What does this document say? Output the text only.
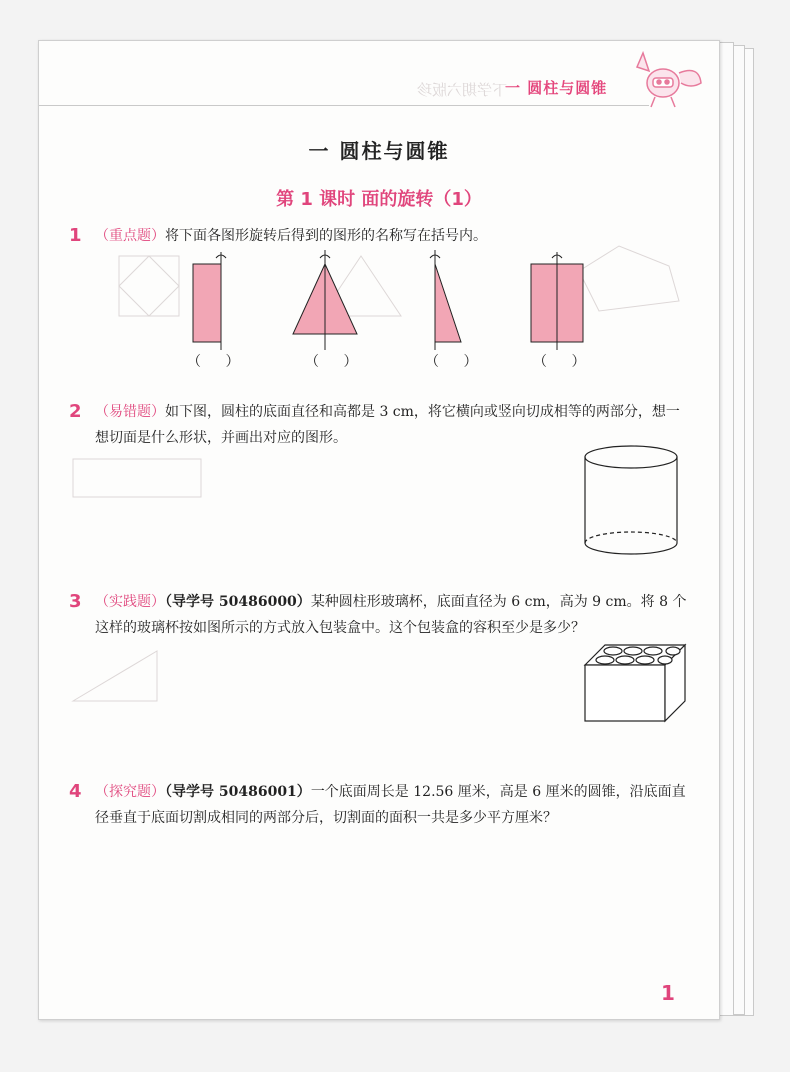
下学期六版珍
一 圆柱与圆锥
一 圆柱与圆锥
第 1 课时 面的旋转（1）
1 （重点题）将下面各图形旋转后得到的图形的名称写在括号内。
（ ）	（ ）	（ ）	（ ）
2 （易错题）如下图，圆柱的底面直径和高都是 3 cm，将它横向或竖向切成相等的两部分，想一想切面是什么形状，并画出对应的图形。
3 （实践题）（导学号 50486000）某种圆柱形玻璃杯，底面直径为 6 cm，高为 9 cm。将 8 个这样的玻璃杯按如图所示的方式放入包装盒中。这个包装盒的容积至少是多少？
4 （探究题）（导学号 50486001）一个底面周长是 12.56 厘米，高是 6 厘米的圆锥，沿底面直径垂直于底面切割成相同的两部分后，切割面的面积一共是多少平方厘米？
1
